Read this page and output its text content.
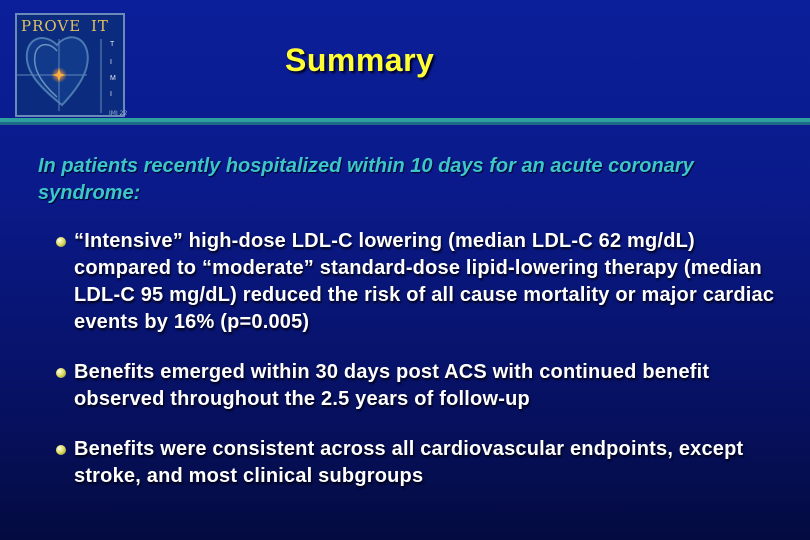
IMI 22
PROVE IT
T
I
M
I
Summary

In patients recently hospitalized within 10 days for an acute coronary syndrome:

“Intensive” high-dose LDL-C lowering (median LDL-C 62 mg/dL) compared to “moderate” standard-dose lipid-lowering therapy (median LDL-C 95 mg/dL) reduced the risk of all cause mortality or major cardiac events by 16% (p=0.005)
Benefits emerged within 30 days post ACS with continued benefit observed throughout the 2.5 years of follow-up
Benefits were consistent across all cardiovascular endpoints, except stroke, and most clinical subgroups
